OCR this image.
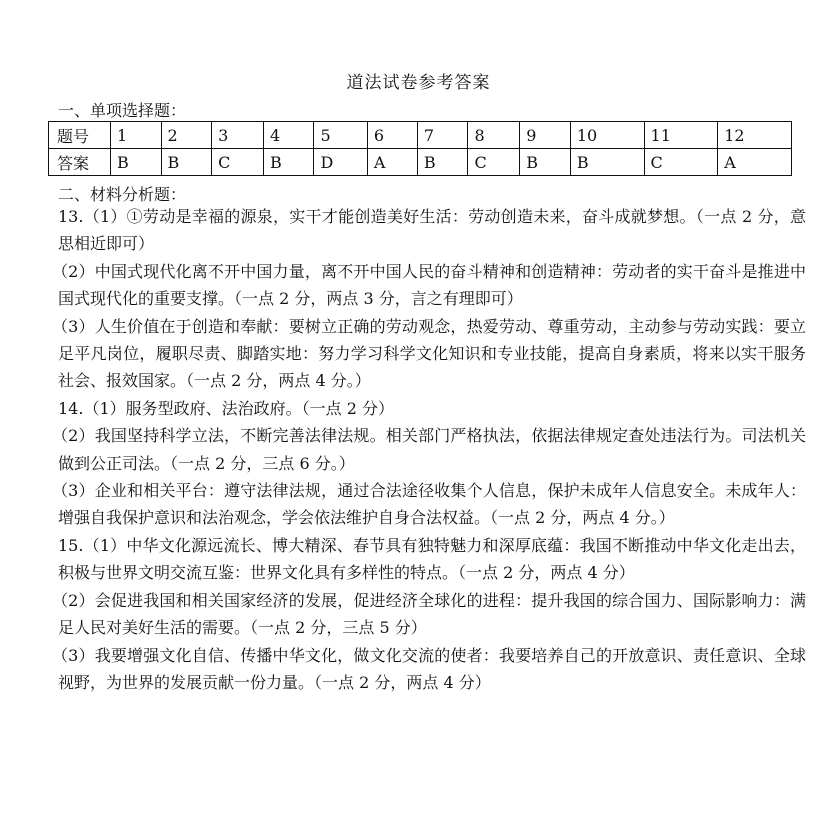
道法试卷参考答案
一、单项选择题：
题号	1	2	3	4	5	6	7	8	9	10	11	12
答案	B	B	C	B	D	A	B	C	B	B	C	A
二、材料分析题：

13.（1）①劳动是幸福的源泉，实干才能创造美好生活：劳动创造未来，奋斗成就梦想。（一点 2 分，意思相近即可）

（2）中国式现代化离不开中国力量，离不开中国人民的奋斗精神和创造精神：劳动者的实干奋斗是推进中国式现代化的重要支撑。（一点 2 分，两点 3 分，言之有理即可）

（3）人生价值在于创造和奉献：要树立正确的劳动观念，热爱劳动、尊重劳动，主动参与劳动实践：要立足平凡岗位，履职尽责、脚踏实地：努力学习科学文化知识和专业技能，提高自身素质，将来以实干服务社会、报效国家。（一点 2 分，两点 4 分。）

14.（1）服务型政府、法治政府。（一点 2 分）

（2）我国坚持科学立法，不断完善法律法规。相关部门严格执法，依据法律规定查处违法行为。司法机关做到公正司法。（一点 2 分，三点 6 分。）

（3）企业和相关平台：遵守法律法规，通过合法途径收集个人信息，保护未成年人信息安全。未成年人：增强自我保护意识和法治观念，学会依法维护自身合法权益。（一点 2 分，两点 4 分。）

15.（1）中华文化源远流长、博大精深、春节具有独特魅力和深厚底蕴：我国不断推动中华文化走出去，积极与世界文明交流互鉴：世界文化具有多样性的特点。（一点 2 分，两点 4 分）

（2）会促进我国和相关国家经济的发展，促进经济全球化的进程：提升我国的综合国力、国际影响力：满足人民对美好生活的需要。（一点 2 分，三点 5 分）

（3）我要增强文化自信、传播中华文化，做文化交流的使者：我要培养自己的开放意识、责任意识、全球视野，为世界的发展贡献一份力量。（一点 2 分，两点 4 分）
